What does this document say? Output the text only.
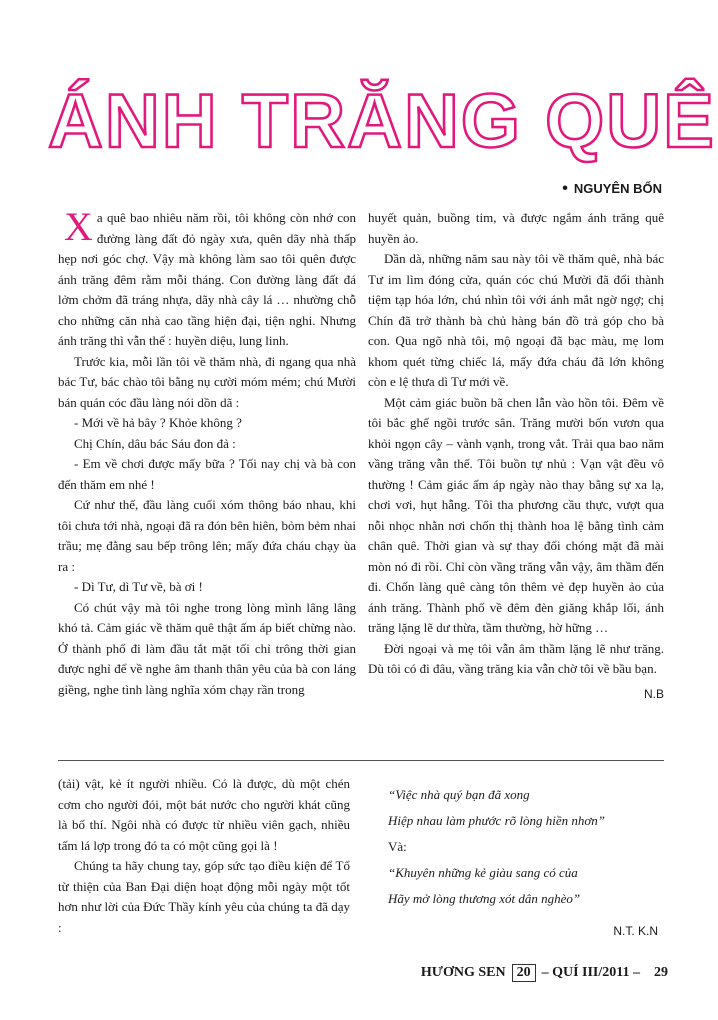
ÁNH TRĂNG QUÊ
• NGUYÊN BỔN

Xa quê bao nhiêu năm rồi, tôi không còn nhớ con đường làng đất đỏ ngày xưa, quên dãy nhà thấp hẹp nơi góc chợ. Vậy mà không làm sao tôi quên được ánh trăng đêm rằm mỗi tháng. Con đường làng đất đá lởm chởm đã tráng nhựa, dãy nhà cây lá … nhường chỗ cho những căn nhà cao tầng hiện đại, tiện nghi. Nhưng ánh trăng thì vẫn thế : huyền diệu, lung linh.

Trước kia, mỗi lần tôi về thăm nhà, đi ngang qua nhà bác Tư, bác chào tôi bằng nụ cười móm mém; chú Mười bán quán cóc đầu làng nói dồn dã :

- Mới về hả bây ? Khỏe không ?

Chị Chín, dâu bác Sáu đon đả :

- Em về chơi được mấy bữa ? Tối nay chị và bà con đến thăm em nhé !

Cứ như thế, đầu làng cuối xóm thông báo nhau, khi tôi chưa tới nhà, ngoại đã ra đón bên hiên, bỏm bẻm nhai trầu; mẹ đằng sau bếp trông lên; mấy đứa cháu chạy ùa ra :

- Dì Tư, dì Tư về, bà ơi !

Có chút vậy mà tôi nghe trong lòng mình lâng lâng khó tả. Cảm giác về thăm quê thật ấm áp biết chừng nào. Ở thành phố đi làm đầu tắt mặt tối chỉ trông thời gian được nghỉ để về nghe âm thanh thân yêu của bà con láng giềng, nghe tình làng nghĩa xóm chạy rần trong

huyết quản, buồng tim, và được ngắm ánh trăng quê huyền ảo.

Dần dà, những năm sau này tôi về thăm quê, nhà bác Tư im lìm đóng cửa, quán cóc chú Mười đã đổi thành tiệm tạp hóa lớn, chú nhìn tôi với ánh mắt ngờ ngợ; chị Chín đã trở thành bà chủ hàng bán đồ trả góp cho bà con. Qua ngõ nhà tôi, mộ ngoại đã bạc màu, mẹ lom khom quét từng chiếc lá, mấy đứa cháu đã lớn không còn e lệ thưa dì Tư mới về.

Một cảm giác buồn bã chen lẫn vào hồn tôi. Đêm về tôi bắc ghế ngồi trước sân. Trăng mười bốn vươn qua khỏi ngọn cây – vành vạnh, trong vắt. Trải qua bao năm vầng trăng vẫn thế. Tôi buồn tự nhủ : Vạn vật đều vô thường ! Cảm giác ấm áp ngày nào thay bằng sự xa lạ, chơi vơi, hụt hẫng. Tôi tha phương cầu thực, vượt qua nỗi nhọc nhằn nơi chốn thị thành hoa lệ bằng tình cảm chân quê. Thời gian và sự thay đổi chóng mặt đã mài mòn nó đi rồi. Chỉ còn vầng trăng vẫn vậy, âm thầm đến đi. Chốn làng quê càng tôn thêm vẻ đẹp huyền ảo của ánh trăng. Thành phố về đêm đèn giăng khắp lối, ánh trăng lặng lẽ dư thừa, tầm thường, hờ hững …

Đời ngoại và mẹ tôi vẫn âm thầm lặng lẽ như trăng. Dù tôi có đi đâu, vầng trăng kia vẫn chờ tôi về bầu bạn.

N.B

(tải) vật, kẻ ít người nhiều. Có là được, dù một chén cơm cho người đói, một bát nước cho người khát cũng là bố thí. Ngôi nhà có được từ nhiều viên gạch, nhiều tấm lá lợp trong đó ta có một cũng gọi là !

Chúng ta hãy chung tay, góp sức tạo điều kiện để Tổ từ thiện của Ban Đại diện hoạt động mỗi ngày một tốt hơn như lời của Đức Thầy kính yêu của chúng ta đã dạy :

“Việc nhà quý bạn đã xong
Hiệp nhau làm phước rõ lòng hiền nhơn”
Và:
“Khuyên những kẻ giàu sang có của
Hãy mở lòng thương xót dân nghèo”
N.T. K.N
HƯƠNG SEN 20 – QUÍ III/2011 – 29
